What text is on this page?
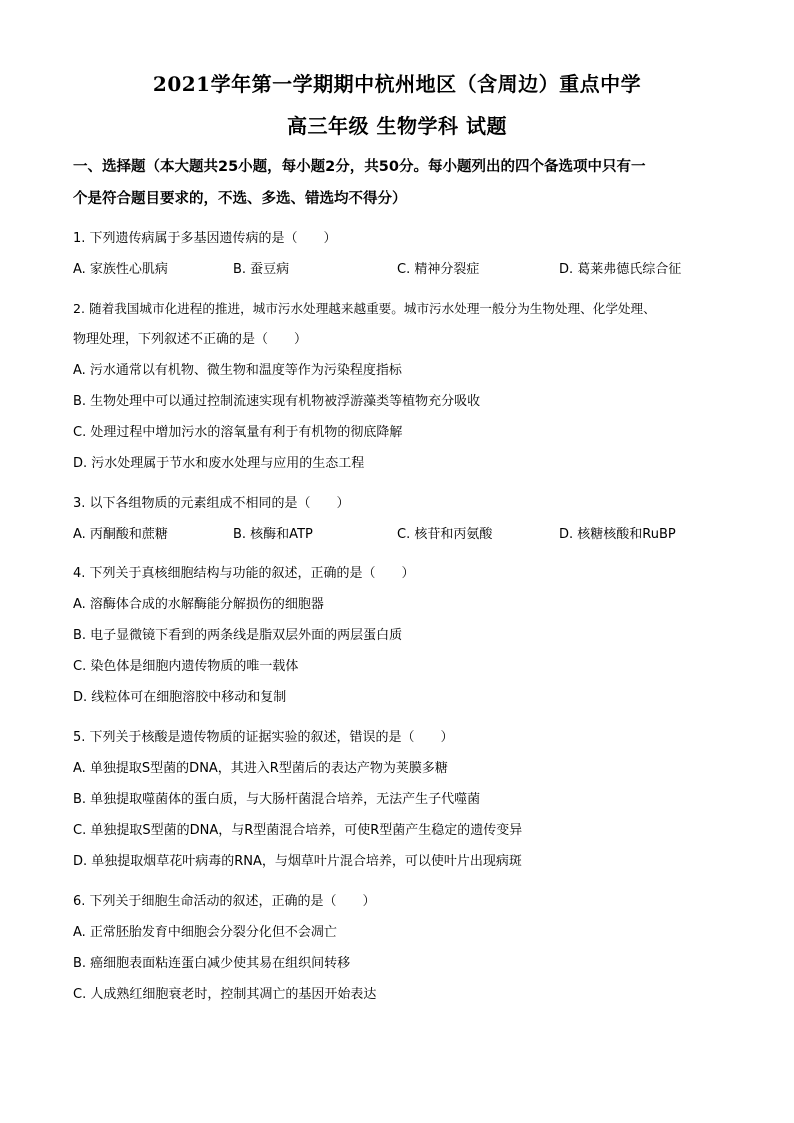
2021学年第一学期期中杭州地区（含周边）重点中学
高三年级 生物学科 试题
一、选择题（本大题共25小题，每小题2分，共50分。每小题列出的四个备选项中只有一
个是符合题目要求的，不选、多选、错选均不得分）
1. 下列遗传病属于多基因遗传病的是（　　）
A. 家族性心肌病	B. 蚕豆病	C. 精神分裂症	D. 葛莱弗德氏综合征
2. 随着我国城市化进程的推进，城市污水处理越来越重要。城市污水处理一般分为生物处理、化学处理、
物理处理，下列叙述不正确的是（　　）
A. 污水通常以有机物、微生物和温度等作为污染程度指标
B. 生物处理中可以通过控制流速实现有机物被浮游藻类等植物充分吸收
C. 处理过程中增加污水的溶氧量有利于有机物的彻底降解
D. 污水处理属于节水和废水处理与应用的生态工程
3. 以下各组物质的元素组成不相同的是（　　）
A. 丙酮酸和蔗糖	B. 核酶和ATP	C. 核苷和丙氨酸	D. 核糖核酸和RuBP
4. 下列关于真核细胞结构与功能的叙述，正确的是（　　）
A. 溶酶体合成的水解酶能分解损伤的细胞器
B. 电子显微镜下看到的两条线是脂双层外面的两层蛋白质
C. 染色体是细胞内遗传物质的唯一载体
D. 线粒体可在细胞溶胶中移动和复制
5. 下列关于核酸是遗传物质的证据实验的叙述，错误的是（　　）
A. 单独提取S型菌的DNA，其进入R型菌后的表达产物为荚膜多糖
B. 单独提取噬菌体的蛋白质，与大肠杆菌混合培养，无法产生子代噬菌
C. 单独提取S型菌的DNA，与R型菌混合培养，可使R型菌产生稳定的遗传变异
D. 单独提取烟草花叶病毒的RNA，与烟草叶片混合培养，可以使叶片出现病斑
6. 下列关于细胞生命活动的叙述，正确的是（　　）
A. 正常胚胎发育中细胞会分裂分化但不会凋亡
B. 癌细胞表面粘连蛋白减少使其易在组织间转移
C. 人成熟红细胞衰老时，控制其凋亡的基因开始表达
